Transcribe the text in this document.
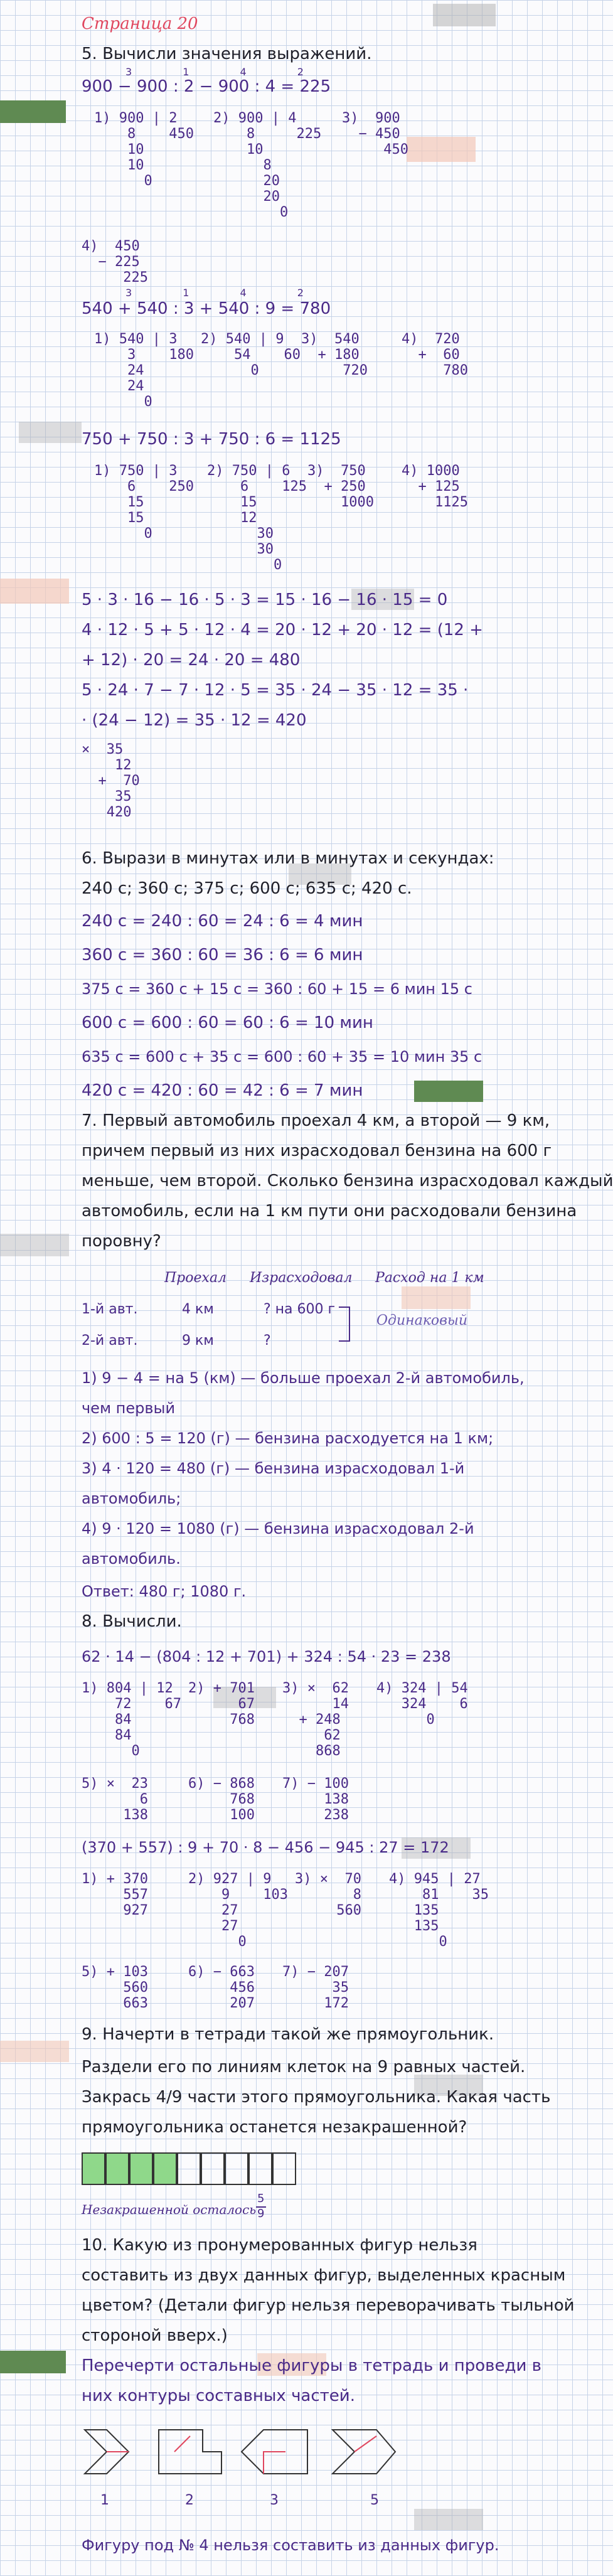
Страница 20
5. Вычисли значения выражений.
3 1 4 2
900 − 900 : 2 − 900 : 4 = 225
1) 900 | 2
8    450
10
10
0
2) 900 | 4
8     225
10
8
20
20
0
3)  900
− 450
450
4)  450
− 225
225
3 1 4 2
540 + 540 : 3 + 540 : 9 = 780
1) 540 | 3
3    180
24
24
0
2) 540 | 9
54    60
0
3)  540
+ 180
720
4)  720
+  60
780
750 + 750 : 3 + 750 : 6 = 1125
1) 750 | 3
6    250
15
15
0
2) 750 | 6
6    125
15
12
30
30
0
3)  750
+ 250
1000
4) 1000
+ 125
1125
5 · 3 · 16 − 16 · 5 · 3 = 15 · 16 − 16 · 15 = 0
4 · 12 · 5 + 5 · 12 · 4 = 20 · 12 + 20 · 12 = (12 +
+ 12) · 20 = 24 · 20 = 480
5 · 24 · 7 − 7 · 12 · 5 = 35 · 24 − 35 · 12 = 35 ·
· (24 − 12) = 35 · 12 = 420
×  35
12
+  70
35
420
6. Вырази в минутах или в минутах и секундах:
240 с; 360 с; 375 с; 600 с; 635 с; 420 с.
240 с = 240 : 60 = 24 : 6 = 4 мин
360 с = 360 : 60 = 36 : 6 = 6 мин
375 с = 360 с + 15 с = 360 : 60 + 15 = 6 мин 15 с
600 с = 600 : 60 = 60 : 6 = 10 мин
635 с = 600 с + 35 с = 600 : 60 + 35 = 10 мин 35 с
420 с = 420 : 60 = 42 : 6 = 7 мин
7. Первый автомобиль проехал 4 км, а второй — 9 км,
причем первый из них израсходовал бензина на 600 г
меньше, чем второй. Сколько бензина израсходовал каждый
автомобиль, если на 1 км пути они расходовали бензина
поровну?
Проехал Израсходовал Расход на 1 км
1-й авт.	4 км	? на 600 г
2-й авт.	9 км	?
Одинаковый
1) 9 − 4 = на 5 (км) — больше проехал 2-й автомобиль,
чем первый
2) 600 : 5 = 120 (г) — бензина расходуется на 1 км;
3) 4 · 120 = 480 (г) — бензина израсходовал 1-й
автомобиль;
4) 9 · 120 = 1080 (г) — бензина израсходовал 2-й
автомобиль.
Ответ: 480 г; 1080 г.
8. Вычисли.
62 · 14 − (804 : 12 + 701) + 324 : 54 · 23 = 238
1) 804 | 12
72    67
84
84
0
2) + 701
67
768
3) ×  62
14
+ 248
62
868
4) 324 | 54
324    6
0
5) ×  23
6
138
6) − 868
768
100
7) − 100
138
238
(370 + 557) : 9 + 70 · 8 − 456 − 945 : 27 = 172
1) + 370
557
927
2) 927 | 9
9    103
27
27
0
3) ×  70
8
560
4) 945 | 27
81    35
135
135
0
5) + 103
560
663
6) − 663
456
207
7) − 207
35
172
9. Начерти в тетради такой же прямоугольник.
Раздели его по линиям клеток на 9 равных частей.
Закрась 4/9 части этого прямоугольника. Какая часть
прямоугольника останется незакрашенной?
Незакрашенной осталось
5
9
10. Какую из пронумерованных фигур нельзя
составить из двух данных фигур, выделенных красным
цветом? (Детали фигур нельзя переворачивать тыльной
стороной вверх.)
Перечерти остальные фигуры в тетрадь и проведи в
них контуры составных частей.
1	2	3	5
Фигуру под № 4 нельзя составить из данных фигур.
